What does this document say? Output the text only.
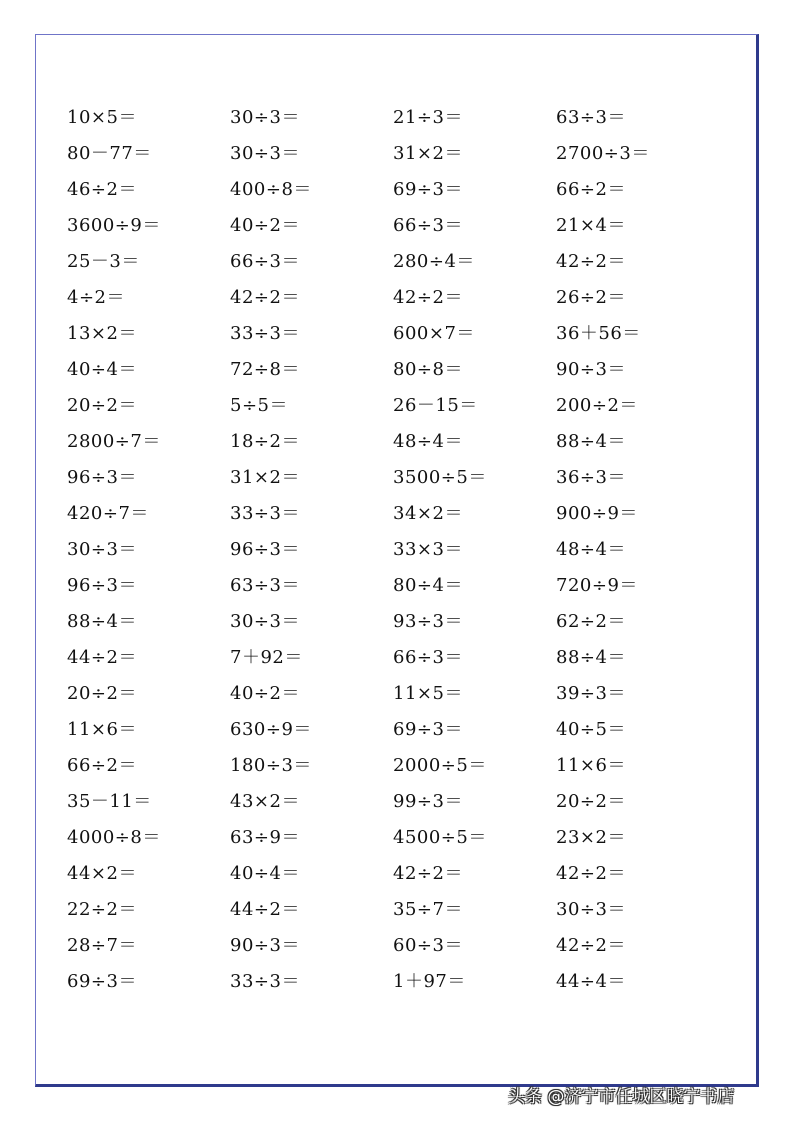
10×5＝	30÷3＝	21÷3＝	63÷3＝
80－77＝	30÷3＝	31×2＝	2700÷3＝
46÷2＝	400÷8＝	69÷3＝	66÷2＝
3600÷9＝	40÷2＝	66÷3＝	21×4＝
25－3＝	66÷3＝	280÷4＝	42÷2＝
4÷2＝	42÷2＝	42÷2＝	26÷2＝
13×2＝	33÷3＝	600×7＝	36＋56＝
40÷4＝	72÷8＝	80÷8＝	90÷3＝
20÷2＝	5÷5＝	26－15＝	200÷2＝
2800÷7＝	18÷2＝	48÷4＝	88÷4＝
96÷3＝	31×2＝	3500÷5＝	36÷3＝
420÷7＝	33÷3＝	34×2＝	900÷9＝
30÷3＝	96÷3＝	33×3＝	48÷4＝
96÷3＝	63÷3＝	80÷4＝	720÷9＝
88÷4＝	30÷3＝	93÷3＝	62÷2＝
44÷2＝	7＋92＝	66÷3＝	88÷4＝
20÷2＝	40÷2＝	11×5＝	39÷3＝
11×6＝	630÷9＝	69÷3＝	40÷5＝
66÷2＝	180÷3＝	2000÷5＝	11×6＝
35－11＝	43×2＝	99÷3＝	20÷2＝
4000÷8＝	63÷9＝	4500÷5＝	23×2＝
44×2＝	40÷4＝	42÷2＝	42÷2＝
22÷2＝	44÷2＝	35÷7＝	30÷3＝
28÷7＝	90÷3＝	60÷3＝	42÷2＝
69÷3＝	33÷3＝	1＋97＝	44÷4＝
头条 @济宁市任城区晓宁书店
